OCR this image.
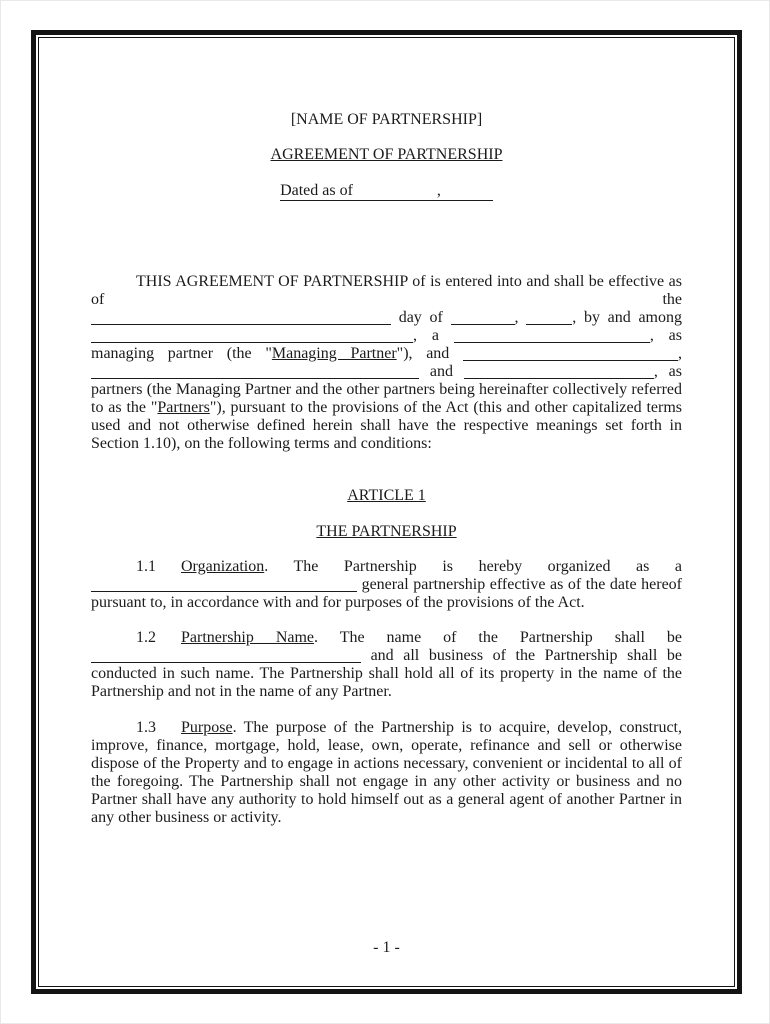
[NAME OF PARTNERSHIP]
AGREEMENT OF PARTNERSHIP
Dated as of	,
THIS AGREEMENT OF PARTNERSHIP of is entered into and shall be effective as of the
day of	,	, by and among
, a	, as
managing partner (the "Managing Partner"), and	,
and	, as
partners (the Managing Partner and the other partners being hereinafter collectively referred to as the "Partners"), pursuant to the provisions of the Act (this and other capitalized terms used and not otherwise defined herein shall have the respective meanings set forth in Section 1.10), on the following terms and conditions:
ARTICLE 1
THE PARTNERSHIP
1.1 Organization. The Partnership is hereby organized as a
general partnership effective as of the date hereof
pursuant to, in accordance with and for purposes of the provisions of the Act.
1.2 Partnership Name. The name of the Partnership shall be
and all business of the Partnership shall be
conducted in such name. The Partnership shall hold all of its property in the name of the Partnership and not in the name of any Partner.
1.3 Purpose. The purpose of the Partnership is to acquire, develop, construct, improve, finance, mortgage, hold, lease, own, operate, refinance and sell or otherwise dispose of the Property and to engage in actions necessary, convenient or incidental to all of the foregoing. The Partnership shall not engage in any other activity or business and no Partner shall have any authority to hold himself out as a general agent of another Partner in any other business or activity.
- 1 -
